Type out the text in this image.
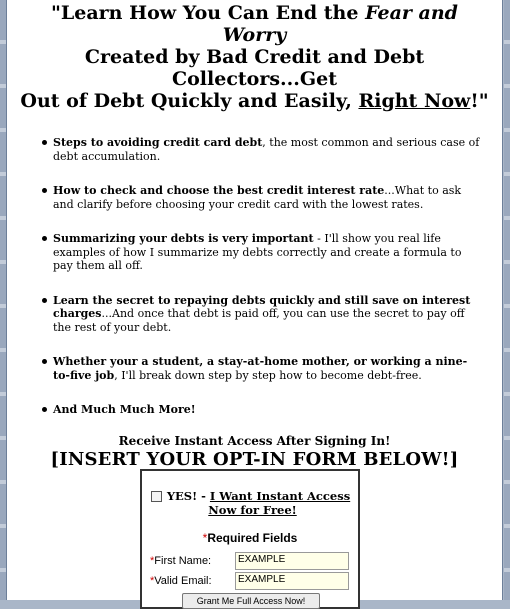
"Learn How You Can End the Fear and Worry
Created by Bad Credit and Debt Collectors...Get
Out of Debt Quickly and Easily, Right Now!"
Steps to avoiding credit card debt, the most common and serious case of debt accumulation.
How to check and choose the best credit interest rate...What to ask and clarify before choosing your credit card with the lowest rates.
Summarizing your debts is very important - I'll show you real life examples of how I summarize my debts correctly and create a formula to pay them all off.
Learn the secret to repaying debts quickly and still save on interest charges...And once that debt is paid off, you can use the secret to pay off the rest of your debt.
Whether your a student, a stay-at-home mother, or working a nine-to-five job, I'll break down step by step how to become debt-free.
And Much Much More!
Receive Instant Access After Signing In!
[INSERT YOUR OPT-IN FORM BELOW!]
YES! - I Want Instant Access Now for Free!
*Required Fields
*First Name:	EXAMPLE
*Valid Email:	EXAMPLE
Grant Me Full Access Now!
